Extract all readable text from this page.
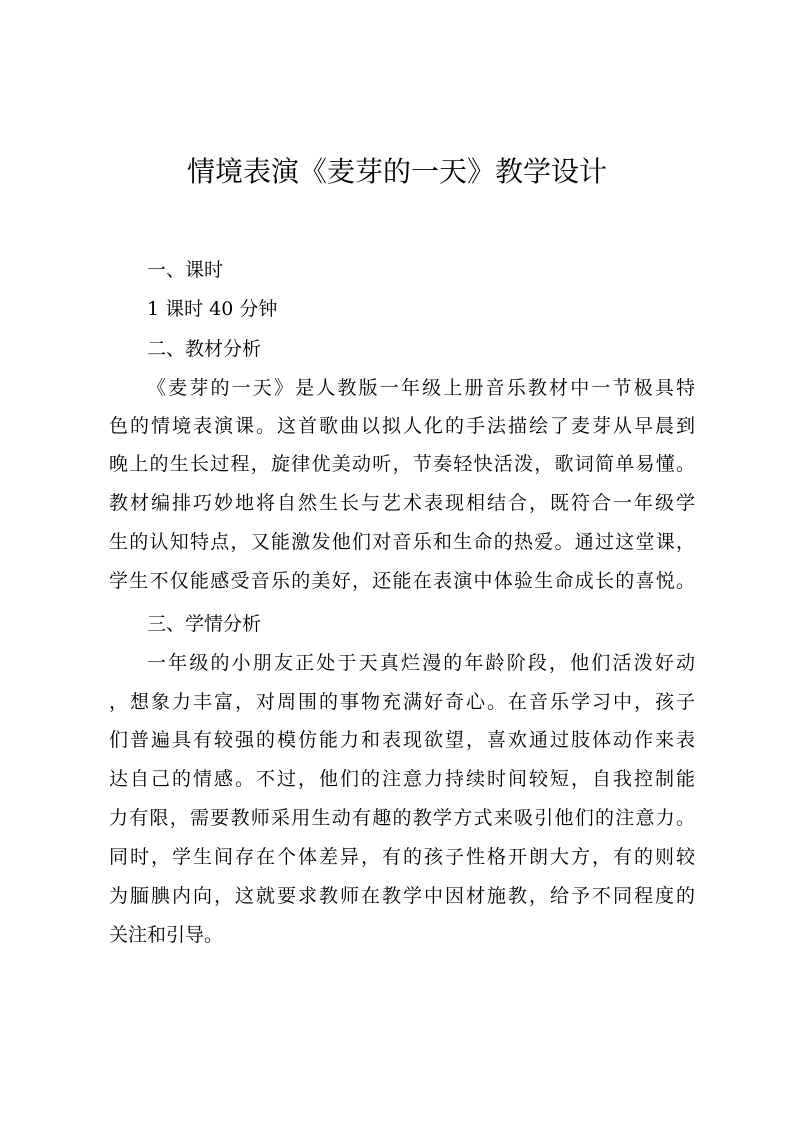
情境表演《麦芽的一天》教学设计
一、课时
1 课时 40 分钟
二、教材分析
《麦芽的一天》是人教版一年级上册音乐教材中一节极具特
色的情境表演课。这首歌曲以拟人化的手法描绘了麦芽从早晨到
晚上的生长过程，旋律优美动听，节奏轻快活泼，歌词简单易懂。
教材编排巧妙地将自然生长与艺术表现相结合，既符合一年级学
生的认知特点，又能激发他们对音乐和生命的热爱。通过这堂课，
学生不仅能感受音乐的美好，还能在表演中体验生命成长的喜悦。
三、学情分析
一年级的小朋友正处于天真烂漫的年龄阶段，他们活泼好动
，想象力丰富，对周围的事物充满好奇心。在音乐学习中，孩子
们普遍具有较强的模仿能力和表现欲望，喜欢通过肢体动作来表
达自己的情感。不过，他们的注意力持续时间较短，自我控制能
力有限，需要教师采用生动有趣的教学方式来吸引他们的注意力。
同时，学生间存在个体差异，有的孩子性格开朗大方，有的则较
为腼腆内向，这就要求教师在教学中因材施教，给予不同程度的
关注和引导。
